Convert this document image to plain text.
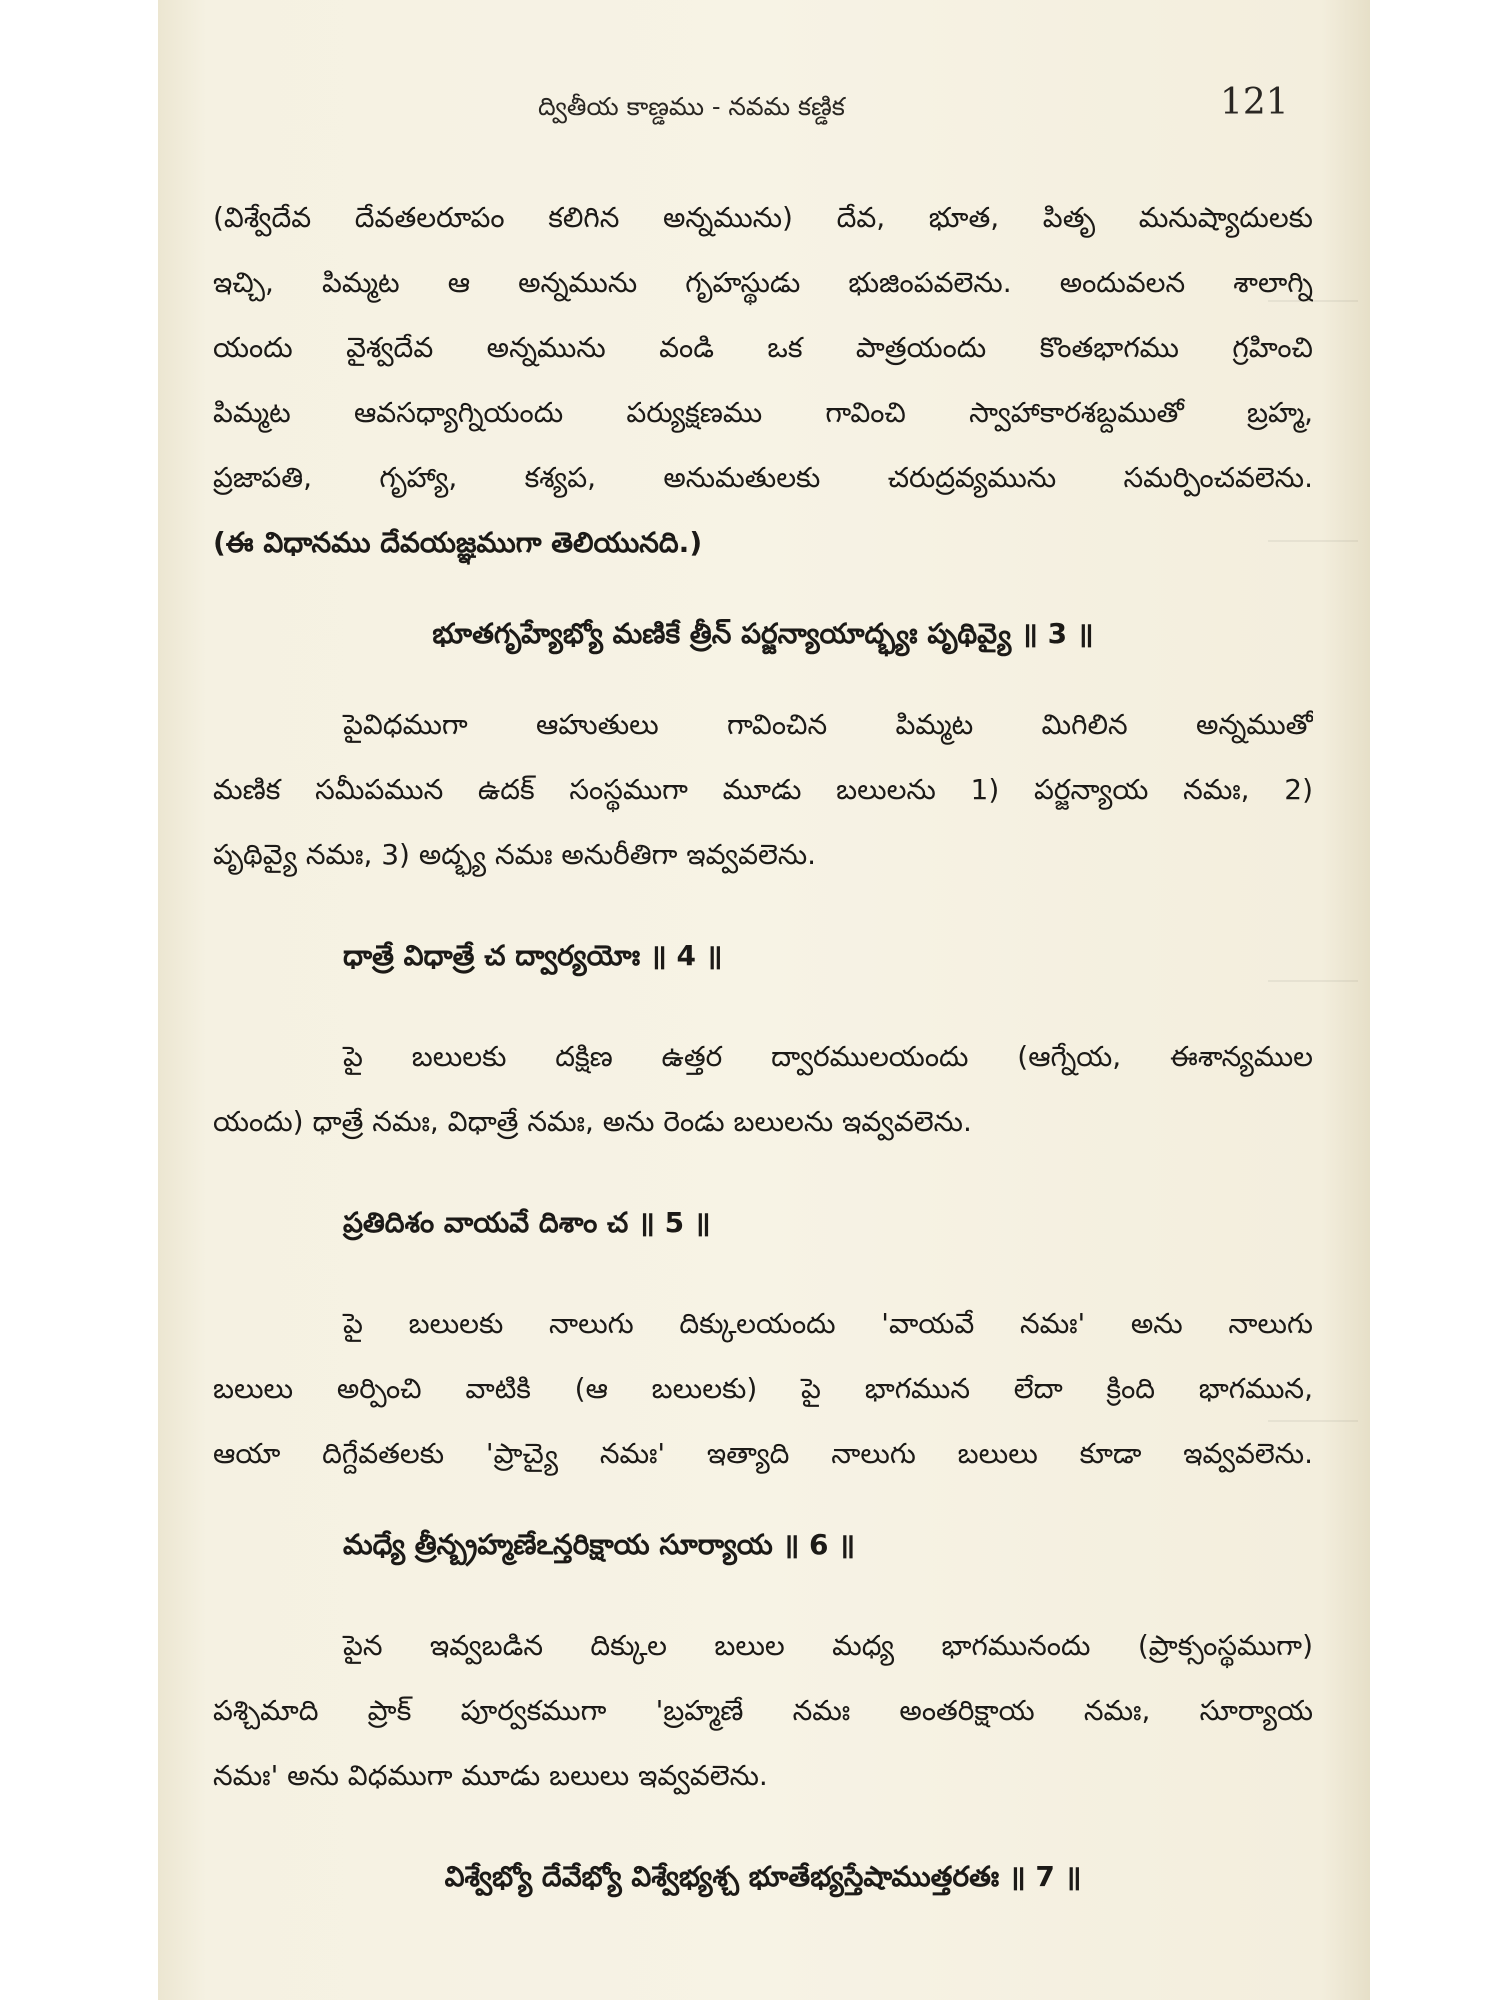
ద్వితీయ కాణ్డము - నవమ కణ్డిక	121
(విశ్వేదేవ దేవతలరూపం కలిగిన అన్నమును) దేవ, భూత, పితృ మనుష్యాదులకు
ఇచ్చి, పిమ్మట ఆ అన్నమును గృహస్థుడు భుజింపవలెను. అందువలన శాలాగ్ని
యందు వైశ్వదేవ అన్నమును వండి ఒక పాత్రయందు కొంతభాగము గ్రహించి
పిమ్మట ఆవసధ్యాగ్నియందు పర్యుక్షణము గావించి స్వాహాకారశబ్దముతో బ్రహ్మ,
ప్రజాపతి, గృహ్యా, కశ్యప, అనుమతులకు చరుద్రవ్యమును సమర్పించవలెను.
(ఈ విధానము దేవయజ్ఞముగా తెలియునది.)
భూతగృహ్యేభ్యో మణికే త్రీన్ పర్జన్యాయాద్భ్యః పృథివ్యై ॥ 3 ॥
పైవిధముగా ఆహుతులు గావించిన పిమ్మట మిగిలిన అన్నముతో
మణిక సమీపమున ఉదక్ సంస్థముగా మూడు బలులను 1) పర్జన్యాయ నమః, 2)
పృథివ్యై నమః, 3) అద్భ్య నమః అనురీతిగా ఇవ్వవలెను.
ధాత్రే విధాత్రే చ ద్వార్యయోః ॥ 4 ॥
పై బలులకు దక్షిణ ఉత్తర ద్వారములయందు (ఆగ్నేయ, ఈశాన్యముల
యందు) ధాత్రే నమః, విధాత్రే నమః, అను రెండు బలులను ఇవ్వవలెను.
ప్రతిదిశం వాయవే దిశాం చ ॥ 5 ॥
పై బలులకు నాలుగు దిక్కులయందు 'వాయవే నమః' అను నాలుగు
బలులు అర్పించి వాటికి (ఆ బలులకు) పై భాగమున లేదా క్రింది భాగమున,
ఆయా దిగ్దేవతలకు 'ప్రాచ్యై నమః' ఇత్యాది నాలుగు బలులు కూడా ఇవ్వవలెను.
మధ్యే త్రీన్బ్రహ్మణేఽన్తరిక్షాయ సూర్యాయ ॥ 6 ॥
పైన ఇవ్వబడిన దిక్కుల బలుల మధ్య భాగమునందు (ప్రాక్సంస్థముగా)
పశ్చిమాది ప్రాక్ పూర్వకముగా 'బ్రహ్మణే నమః అంతరిక్షాయ నమః, సూర్యాయ
నమః' అను విధముగా మూడు బలులు ఇవ్వవలెను.
విశ్వేభ్యో దేవేభ్యో విశ్వేభ్యశ్చ భూతేభ్యస్తేషాముత్తరతః ॥ 7 ॥
